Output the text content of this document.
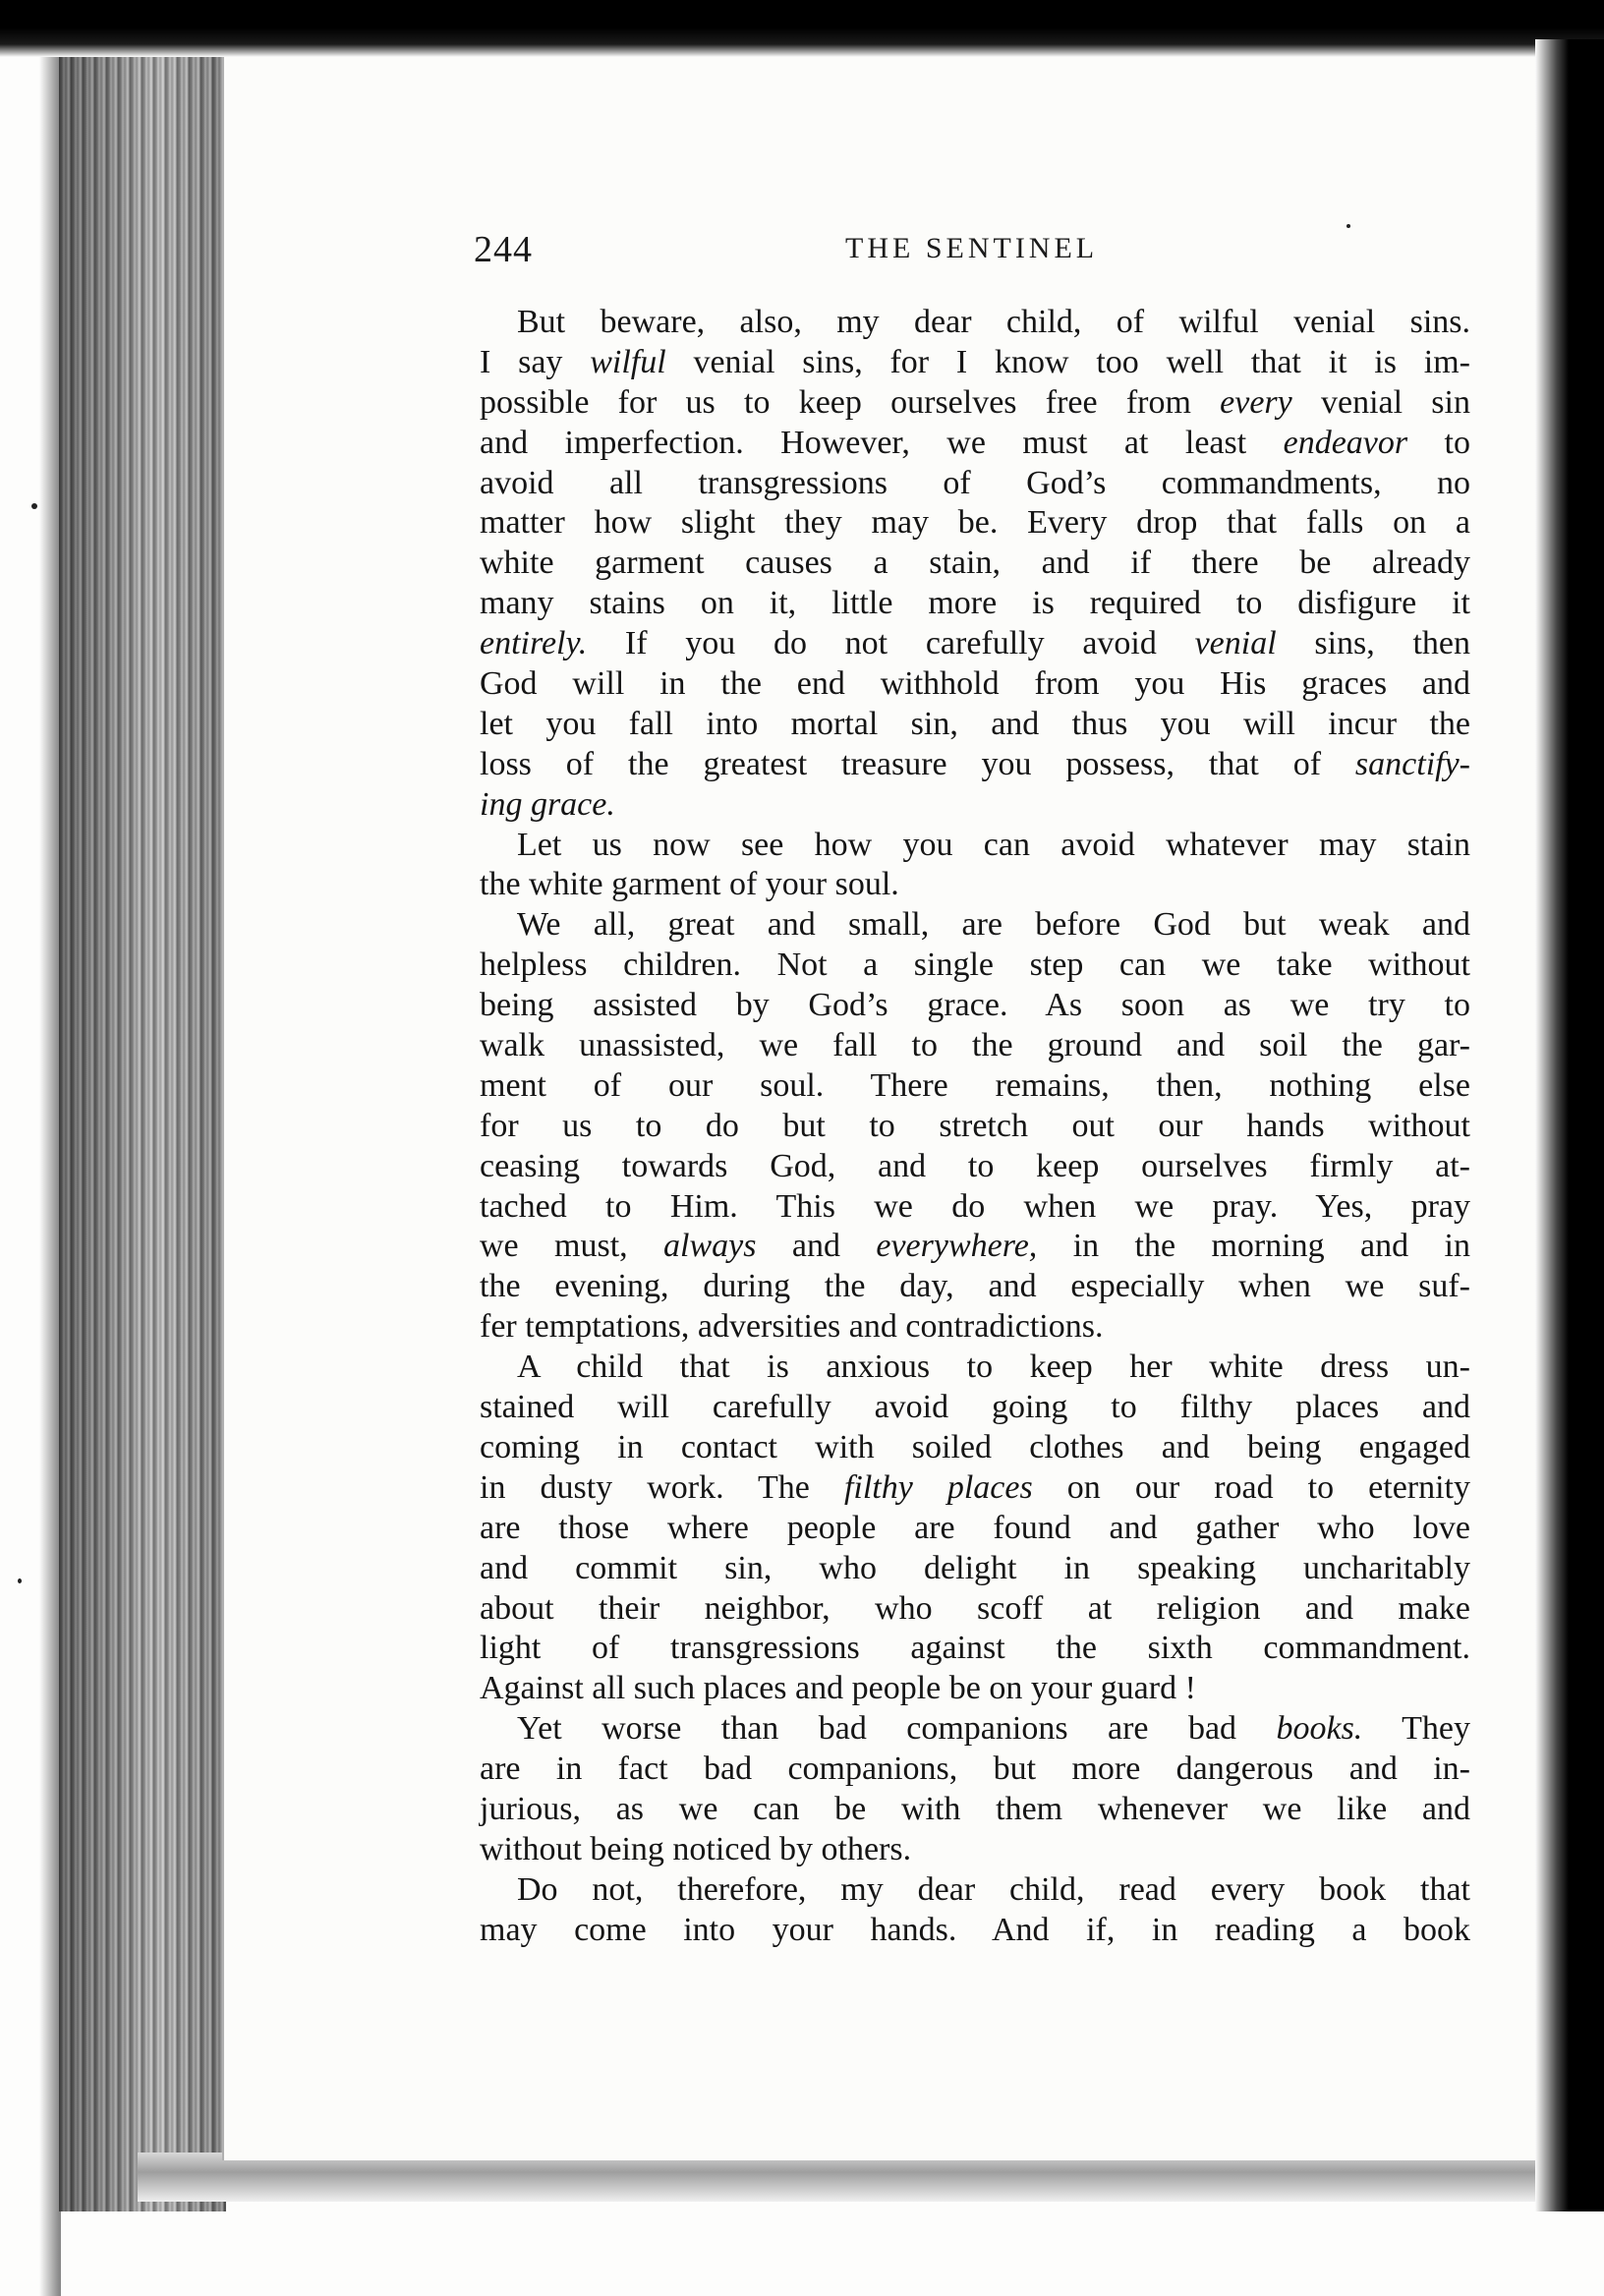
244	THE SENTINEL
But beware, also, my dear child, of wilful venial sins.
I say wilful venial sins, for I know too well that it is im-
possible for us to keep ourselves free from every venial sin
and imperfection. However, we must at least endeavor to
avoid all transgressions of God’s commandments, no
matter how slight they may be. Every drop that falls on a
white garment causes a stain, and if there be already
many stains on it, little more is required to disfigure it
entirely. If you do not carefully avoid venial sins, then
God will in the end withhold from you His graces and
let you fall into mortal sin, and thus you will incur the
loss of the greatest treasure you possess, that of sanctify-
ing grace.
Let us now see how you can avoid whatever may stain
the white garment of your soul.
We all, great and small, are before God but weak and
helpless children. Not a single step can we take without
being assisted by God’s grace. As soon as we try to
walk unassisted, we fall to the ground and soil the gar-
ment of our soul. There remains, then, nothing else
for us to do but to stretch out our hands without
ceasing towards God, and to keep ourselves firmly at-
tached to Him. This we do when we pray. Yes, pray
we must, always and everywhere, in the morning and in
the evening, during the day, and especially when we suf-
fer temptations, adversities and contradictions.
A child that is anxious to keep her white dress un-
stained will carefully avoid going to filthy places and
coming in contact with soiled clothes and being engaged
in dusty work. The filthy places on our road to eternity
are those where people are found and gather who love
and commit sin, who delight in speaking uncharitably
about their neighbor, who scoff at religion and make
light of transgressions against the sixth commandment.
Against all such places and people be on your guard !
Yet worse than bad companions are bad books. They
are in fact bad companions, but more dangerous and in-
jurious, as we can be with them whenever we like and
without being noticed by others.
Do not, therefore, my dear child, read every book that
may come into your hands. And if, in reading a book
